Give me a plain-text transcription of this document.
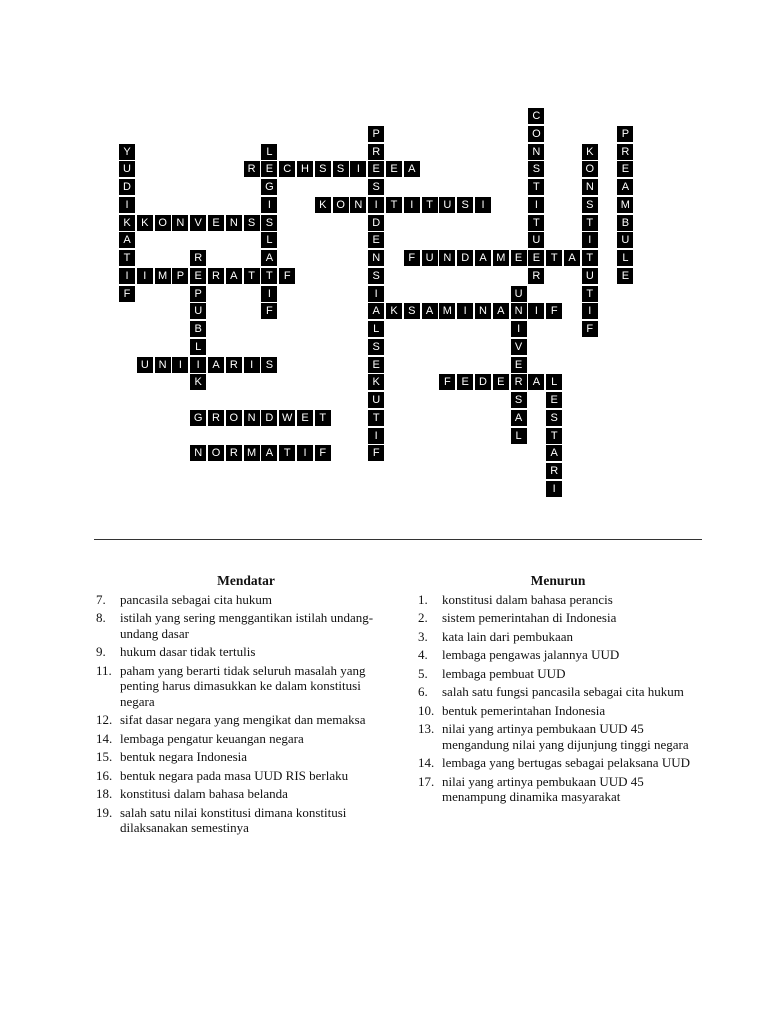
C
O
N
S
T
I
T
U
E
R
P
R
E
S
I
D
E
N
S
I
A
L
P
R
E
A
M
B
U
L
E
Y
U
D
I
K
A
T
I
F
L
E
G
I
S
L
A
T
I
F
K
O
N
S
T
I
T
U
T
I
F
R	C H S S	I	E A
K O N	T	I	T U S	I
K O N V E N S
F U N D A M E	T A
R
E
P
U
B
L
I
K
I	M P	R A T	F
U
N
I
V
E
R
S
A
L
K S A M	I	N A	I	F
S
E
K
U
T
I
F
U N	I	A R	I	S
F E D E	A	L
E
S
T
A
R
I
G R O N D W E T
N O R M A T	I	F
Mendatar
7.	pancasila sebagai cita hukum
8.	istilah yang sering menggantikan istilah undang-undang dasar
9.	hukum dasar tidak tertulis
11. paham yang berarti tidak seluruh masalah yang penting harus dimasukkan ke dalam konstitusi negara
12. sifat dasar negara yang mengikat dan memaksa
14. lembaga pengatur keuangan negara
15. bentuk negara Indonesia
16. bentuk negara pada masa UUD RIS berlaku
18. konstitusi dalam bahasa belanda
19. salah satu nilai konstitusi dimana konstitusi dilaksanakan semestinya
Menurun
1.	konstitusi dalam bahasa perancis
2.	sistem pemerintahan di Indonesia
3.	kata lain dari pembukaan
4.	lembaga pengawas jalannya UUD
5.	lembaga pembuat UUD
6.	salah satu fungsi pancasila sebagai cita hukum
10. bentuk pemerintahan Indonesia
13. nilai yang artinya pembukaan UUD 45 mengandung nilai yang dijunjung tinggi negara
14. lembaga yang bertugas sebagai pelaksana UUD
17. nilai yang artinya pembukaan UUD 45 menampung dinamika masyarakat
